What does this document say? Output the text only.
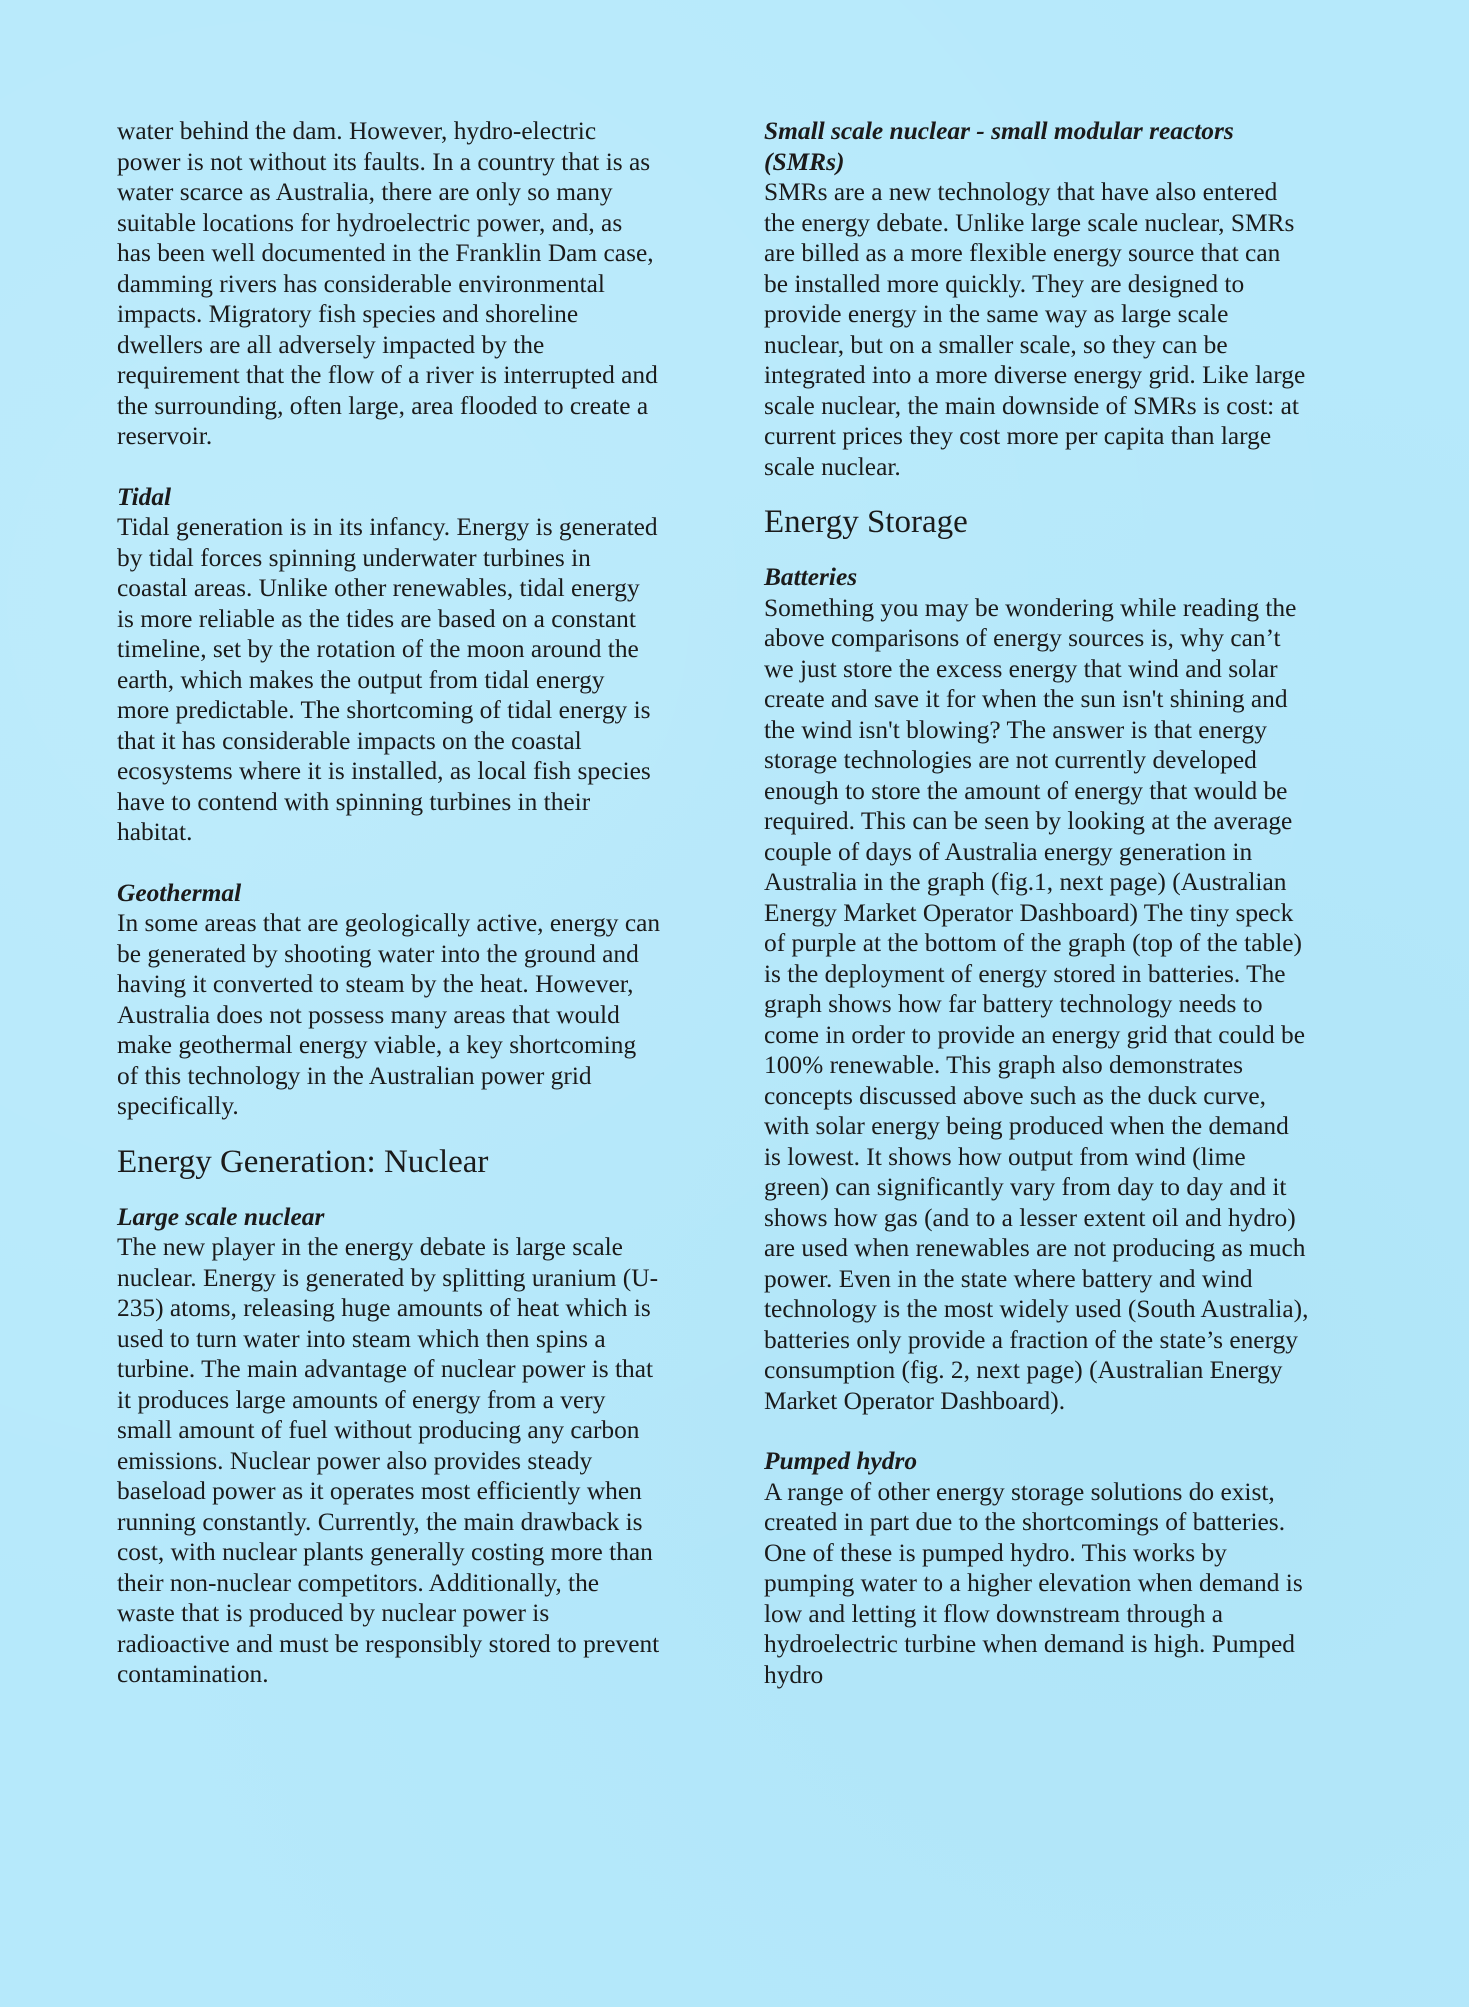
water behind the dam. However, hydro-electric power is not without its faults. In a country that is as water scarce as Australia, there are only so many suitable locations for hydroelectric power, and, as has been well documented in the Franklin Dam case, damming rivers has considerable environmental impacts. Migratory fish species and shoreline dwellers are all adversely impacted by the requirement that the flow of a river is interrupted and the surrounding, often large, area flooded to create a reservoir.

Tidal

Tidal generation is in its infancy. Energy is generated by tidal forces spinning underwater turbines in coastal areas. Unlike other renewables, tidal energy is more reliable as the tides are based on a constant timeline, set by the rotation of the moon around the earth, which makes the output from tidal energy more predictable. The shortcoming of tidal energy is that it has considerable impacts on the coastal ecosystems where it is installed, as local fish species have to contend with spinning turbines in their habitat.

Geothermal

In some areas that are geologically active, energy can be generated by shooting water into the ground and having it converted to steam by the heat. However, Australia does not possess many areas that would make geothermal energy viable, a key shortcoming of this technology in the Australian power grid specifically.

Energy Generation: Nuclear
Large scale nuclear

The new player in the energy debate is large scale nuclear. Energy is generated by splitting uranium (U-235) atoms, releasing huge amounts of heat which is used to turn water into steam which then spins a turbine. The main advantage of nuclear power is that it produces large amounts of energy from a very small amount of fuel without producing any carbon emissions. Nuclear power also provides steady baseload power as it operates most efficiently when running constantly. Currently, the main drawback is cost, with nuclear plants generally costing more than their non-nuclear competitors. Additionally, the waste that is produced by nuclear power is radioactive and must be responsibly stored to prevent contamination.

Small scale nuclear - small modular reactors (SMRs)

SMRs are a new technology that have also entered the energy debate. Unlike large scale nuclear, SMRs are billed as a more flexible energy source that can be installed more quickly. They are designed to provide energy in the same way as large scale nuclear, but on a smaller scale, so they can be integrated into a more diverse energy grid. Like large scale nuclear, the main downside of SMRs is cost: at current prices they cost more per capita than large scale nuclear.

Energy Storage
Batteries

Something you may be wondering while reading the above comparisons of energy sources is, why can’t we just store the excess energy that wind and solar create and save it for when the sun isn't shining and the wind isn't blowing? The answer is that energy storage technologies are not currently developed enough to store the amount of energy that would be required. This can be seen by looking at the average couple of days of Australia energy generation in Australia in the graph (fig.1, next page) (Australian Energy Market Operator Dashboard) The tiny speck of purple at the bottom of the graph (top of the table) is the deployment of energy stored in batteries. The graph shows how far battery technology needs to come in order to provide an energy grid that could be 100% renewable. This graph also demonstrates concepts discussed above such as the duck curve, with solar energy being produced when the demand is lowest. It shows how output from wind (lime green) can significantly vary from day to day and it shows how gas (and to a lesser extent oil and hydro) are used when renewables are not producing as much power. Even in the state where battery and wind technology is the most widely used (South Australia), batteries only provide a fraction of the state’s energy consumption (fig. 2, next page) (Australian Energy Market Operator Dashboard).

Pumped hydro

A range of other energy storage solutions do exist, created in part due to the shortcomings of batteries. One of these is pumped hydro. This works by pumping water to a higher elevation when demand is low and letting it flow downstream through a hydroelectric turbine when demand is high. Pumped hydro
